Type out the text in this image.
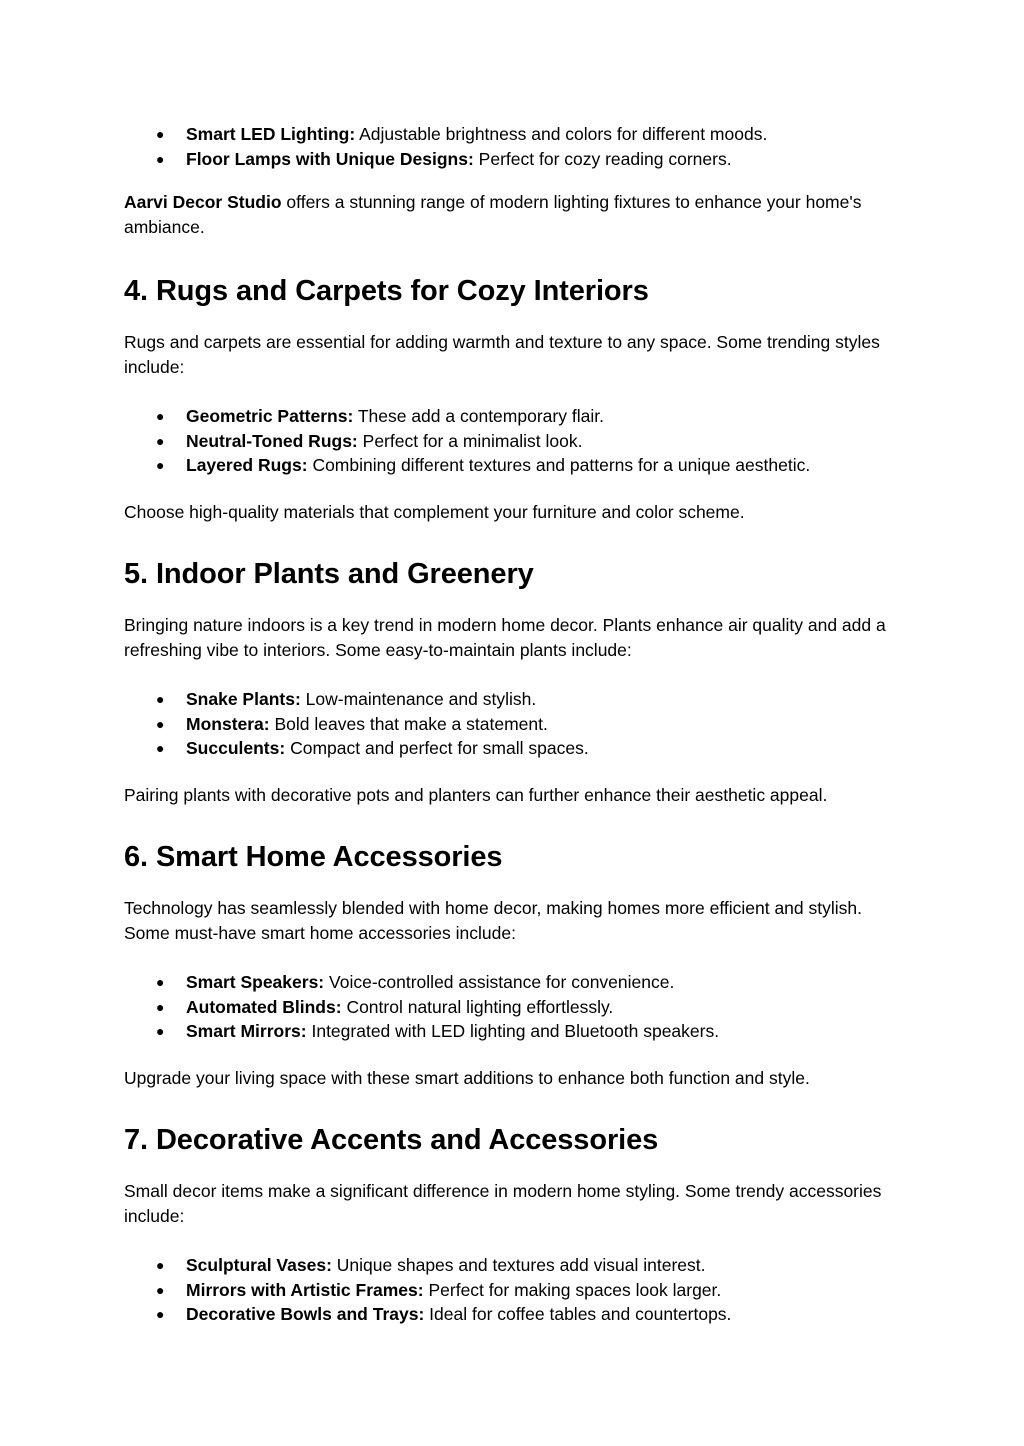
● Smart LED Lighting: Adjustable brightness and colors for different moods.
● Floor Lamps with Unique Designs: Perfect for cozy reading corners.

Aarvi Decor Studio offers a stunning range of modern lighting fixtures to enhance your home's ambiance.

4. Rugs and Carpets for Cozy Interiors

Rugs and carpets are essential for adding warmth and texture to any space. Some trending styles include:

● Geometric Patterns: These add a contemporary flair.
● Neutral-Toned Rugs: Perfect for a minimalist look.
● Layered Rugs: Combining different textures and patterns for a unique aesthetic.

Choose high-quality materials that complement your furniture and color scheme.

5. Indoor Plants and Greenery

Bringing nature indoors is a key trend in modern home decor. Plants enhance air quality and add a refreshing vibe to interiors. Some easy-to-maintain plants include:

● Snake Plants: Low-maintenance and stylish.
● Monstera: Bold leaves that make a statement.
● Succulents: Compact and perfect for small spaces.

Pairing plants with decorative pots and planters can further enhance their aesthetic appeal.

6. Smart Home Accessories

Technology has seamlessly blended with home decor, making homes more efficient and stylish. Some must-have smart home accessories include:

● Smart Speakers: Voice-controlled assistance for convenience.
● Automated Blinds: Control natural lighting effortlessly.
● Smart Mirrors: Integrated with LED lighting and Bluetooth speakers.

Upgrade your living space with these smart additions to enhance both function and style.

7. Decorative Accents and Accessories

Small decor items make a significant difference in modern home styling. Some trendy accessories include:

● Sculptural Vases: Unique shapes and textures add visual interest.
● Mirrors with Artistic Frames: Perfect for making spaces look larger.
● Decorative Bowls and Trays: Ideal for coffee tables and countertops.
